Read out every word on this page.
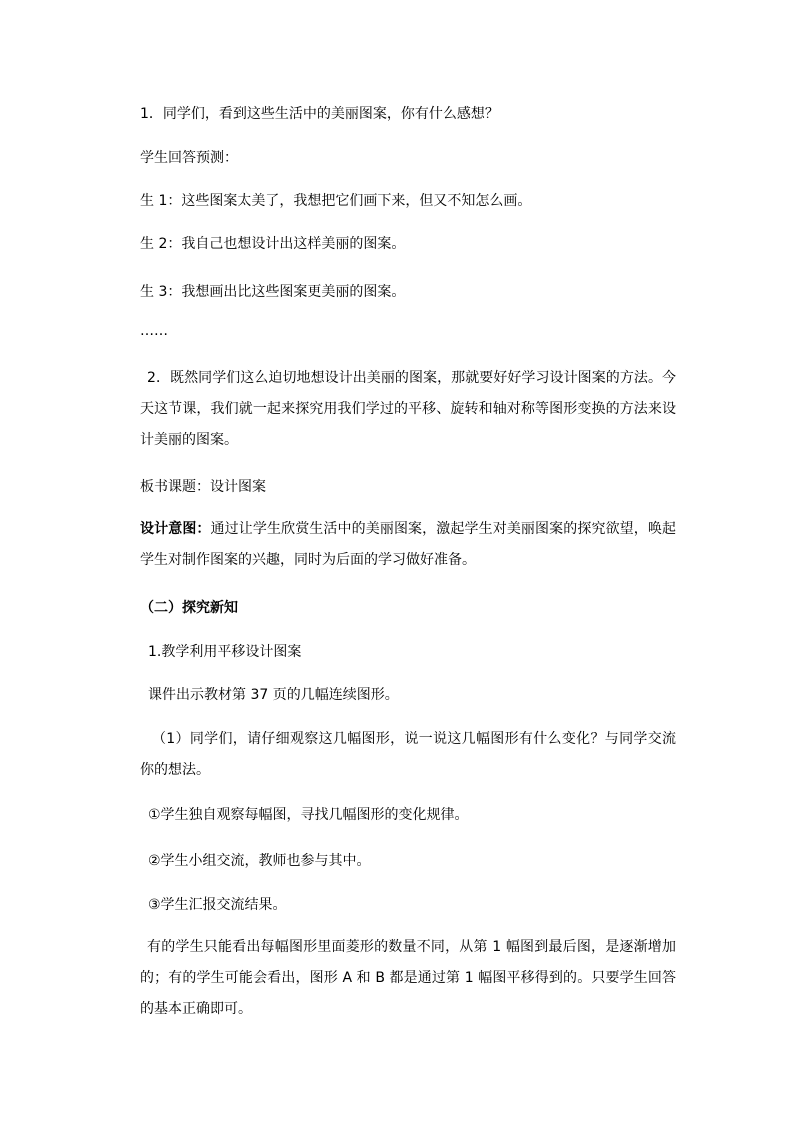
1．同学们，看到这些生活中的美丽图案，你有什么感想？
学生回答预测：
生 1：这些图案太美了，我想把它们画下来，但又不知怎么画。
生 2：我自己也想设计出这样美丽的图案。
生 3：我想画出比这些图案更美丽的图案。
……
2．既然同学们这么迫切地想设计出美丽的图案，那就要好好学习设计图案的方法。今天这节课，我们就一起来探究用我们学过的平移、旋转和轴对称等图形变换的方法来设计美丽的图案。
板书课题：设计图案
设计意图：通过让学生欣赏生活中的美丽图案，激起学生对美丽图案的探究欲望，唤起学生对制作图案的兴趣，同时为后面的学习做好准备。
（二）探究新知
1.教学利用平移设计图案
课件出示教材第 37 页的几幅连续图形。
（1）同学们，请仔细观察这几幅图形，说一说这几幅图形有什么变化？与同学交流你的想法。
①学生独自观察每幅图，寻找几幅图形的变化规律。
②学生小组交流，教师也参与其中。
③学生汇报交流结果。
有的学生只能看出每幅图形里面菱形的数量不同，从第 1 幅图到最后图，是逐渐增加的；有的学生可能会看出，图形 A 和 B 都是通过第 1 幅图平移得到的。只要学生回答的基本正确即可。
